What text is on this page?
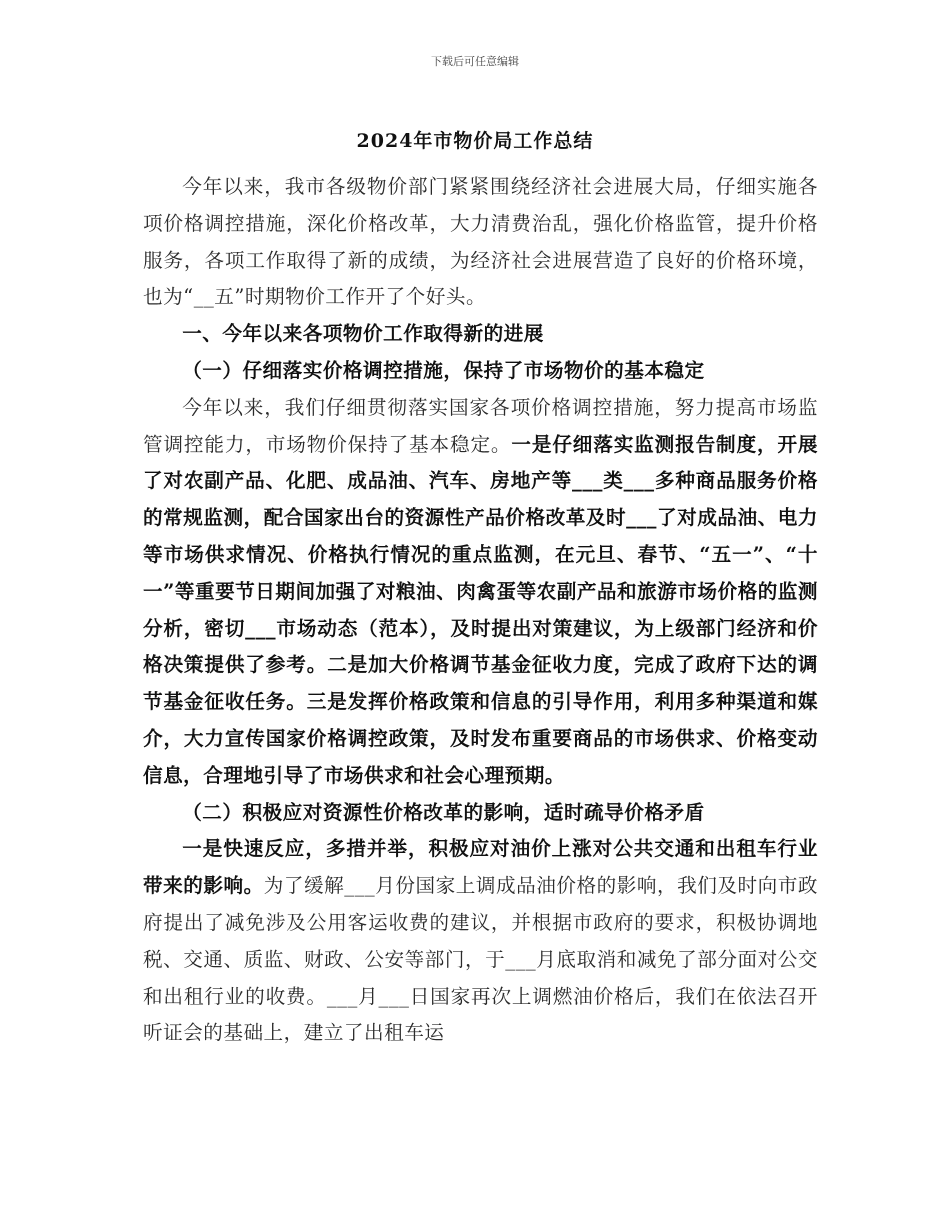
下载后可任意编辑
2024年市物价局工作总结

今年以来，我市各级物价部门紧紧围绕经济社会进展大局，仔细实施各项价格调控措施，深化价格改革，大力清费治乱，强化价格监管，提升价格服务，各项工作取得了新的成绩，为经济社会进展营造了良好的价格环境，也为“__五”时期物价工作开了个好头。

一、今年以来各项物价工作取得新的进展

（一）仔细落实价格调控措施，保持了市场物价的基本稳定

今年以来，我们仔细贯彻落实国家各项价格调控措施，努力提高市场监管调控能力，市场物价保持了基本稳定。一是仔细落实监测报告制度，开展了对农副产品、化肥、成品油、汽车、房地产等___类___多种商品服务价格的常规监测，配合国家出台的资源性产品价格改革及时___了对成品油、电力等市场供求情况、价格执行情况的重点监测，在元旦、春节、“五一”、“十一”等重要节日期间加强了对粮油、肉禽蛋等农副产品和旅游市场价格的监测分析，密切___市场动态（范本），及时提出对策建议，为上级部门经济和价格决策提供了参考。二是加大价格调节基金征收力度，完成了政府下达的调节基金征收任务。三是发挥价格政策和信息的引导作用，利用多种渠道和媒介，大力宣传国家价格调控政策，及时发布重要商品的市场供求、价格变动信息，合理地引导了市场供求和社会心理预期。

（二）积极应对资源性价格改革的影响，适时疏导价格矛盾

一是快速反应，多措并举，积极应对油价上涨对公共交通和出租车行业带来的影响。为了缓解___月份国家上调成品油价格的影响，我们及时向市政府提出了减免涉及公用客运收费的建议，并根据市政府的要求，积极协调地税、交通、质监、财政、公安等部门，于___月底取消和减免了部分面对公交和出租行业的收费。___月___日国家再次上调燃油价格后，我们在依法召开听证会的基础上，建立了出租车运
